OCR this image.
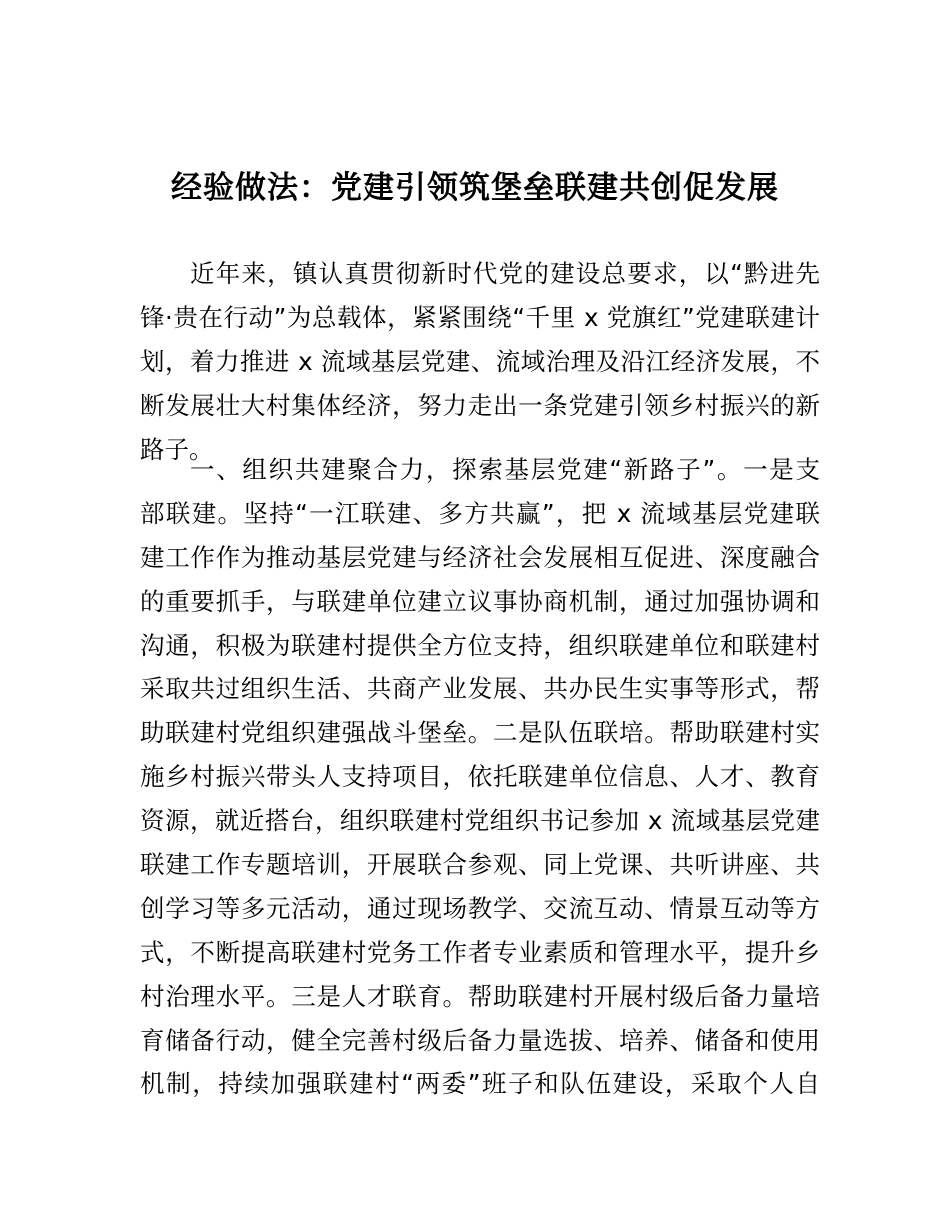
经验做法：党建引领筑堡垒联建共创促发展
近年来，镇认真贯彻新时代党的建设总要求，以“黔进先
锋·贵在行动”为总载体，紧紧围绕“千里 x 党旗红”党建联建计
划，着力推进 x 流域基层党建、流域治理及沿江经济发展，不
断发展壮大村集体经济，努力走出一条党建引领乡村振兴的新
路子。
一、组织共建聚合力，探索基层党建“新路子”。一是支
部联建。坚持“一江联建、多方共赢”，把 x 流域基层党建联
建工作作为推动基层党建与经济社会发展相互促进、深度融合
的重要抓手，与联建单位建立议事协商机制，通过加强协调和
沟通，积极为联建村提供全方位支持，组织联建单位和联建村
采取共过组织生活、共商产业发展、共办民生实事等形式，帮
助联建村党组织建强战斗堡垒。二是队伍联培。帮助联建村实
施乡村振兴带头人支持项目，依托联建单位信息、人才、教育
资源，就近搭台，组织联建村党组织书记参加 x 流域基层党建
联建工作专题培训，开展联合参观、同上党课、共听讲座、共
创学习等多元活动，通过现场教学、交流互动、情景互动等方
式，不断提高联建村党务工作者专业素质和管理水平，提升乡
村治理水平。三是人才联育。帮助联建村开展村级后备力量培
育储备行动，健全完善村级后备力量选拔、培养、储备和使用
机制，持续加强联建村“两委”班子和队伍建设，采取个人自
